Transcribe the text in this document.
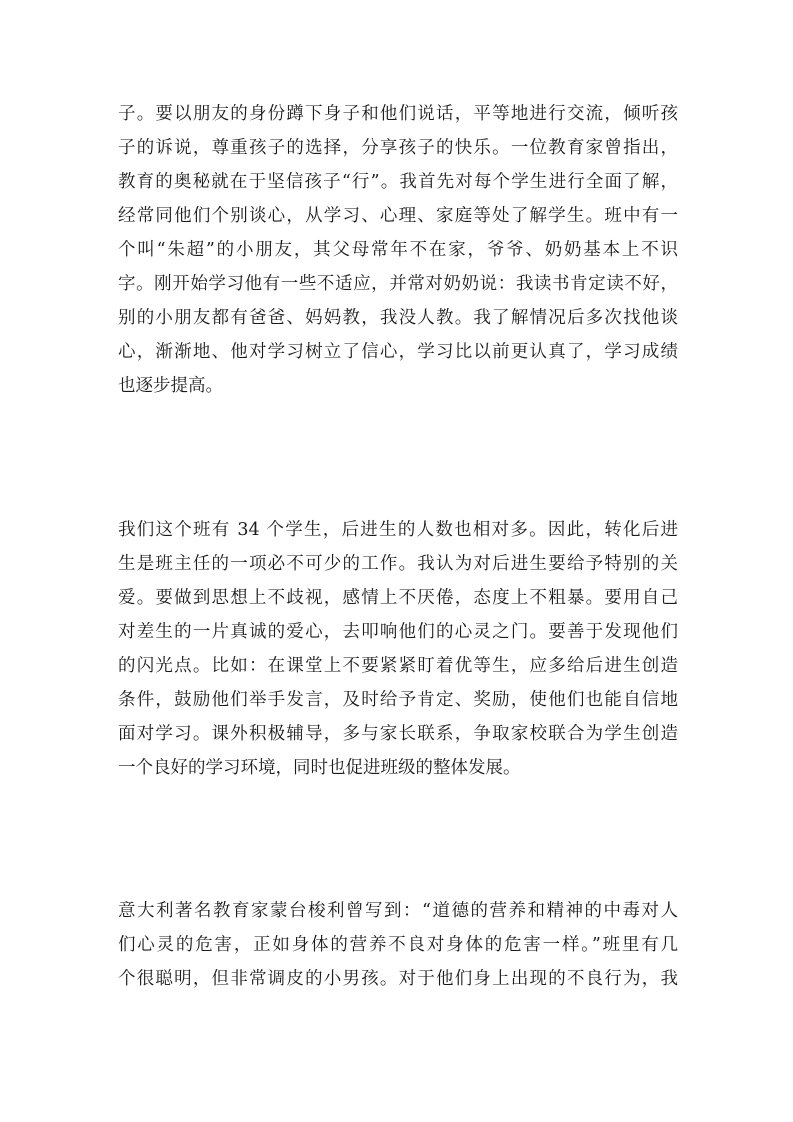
子。要以朋友的身份蹲下身子和他们说话，平等地进行交流，倾听孩
子的诉说，尊重孩子的选择，分享孩子的快乐。一位教育家曾指出，
教育的奥秘就在于坚信孩子“行”。我首先对每个学生进行全面了解，
经常同他们个别谈心，从学习、心理、家庭等处了解学生。班中有一
个叫“朱超”的小朋友，其父母常年不在家，爷爷、奶奶基本上不识
字。刚开始学习他有一些不适应，并常对奶奶说：我读书肯定读不好，
别的小朋友都有爸爸、妈妈教，我没人教。我了解情况后多次找他谈
心，渐渐地、他对学习树立了信心，学习比以前更认真了，学习成绩
也逐步提高。
我们这个班有 34 个学生，后进生的人数也相对多。因此，转化后进
生是班主任的一项必不可少的工作。我认为对后进生要给予特别的关
爱。要做到思想上不歧视，感情上不厌倦，态度上不粗暴。要用自己
对差生的一片真诚的爱心，去叩响他们的心灵之门。要善于发现他们
的闪光点。比如：在课堂上不要紧紧盯着优等生，应多给后进生创造
条件，鼓励他们举手发言，及时给予肯定、奖励，使他们也能自信地
面对学习。课外积极辅导，多与家长联系，争取家校联合为学生创造
一个良好的学习环境，同时也促进班级的整体发展。
意大利著名教育家蒙台梭利曾写到：“道德的营养和精神的中毒对人
们心灵的危害，正如身体的营养不良对身体的危害一样。”班里有几
个很聪明，但非常调皮的小男孩。对于他们身上出现的不良行为，我
